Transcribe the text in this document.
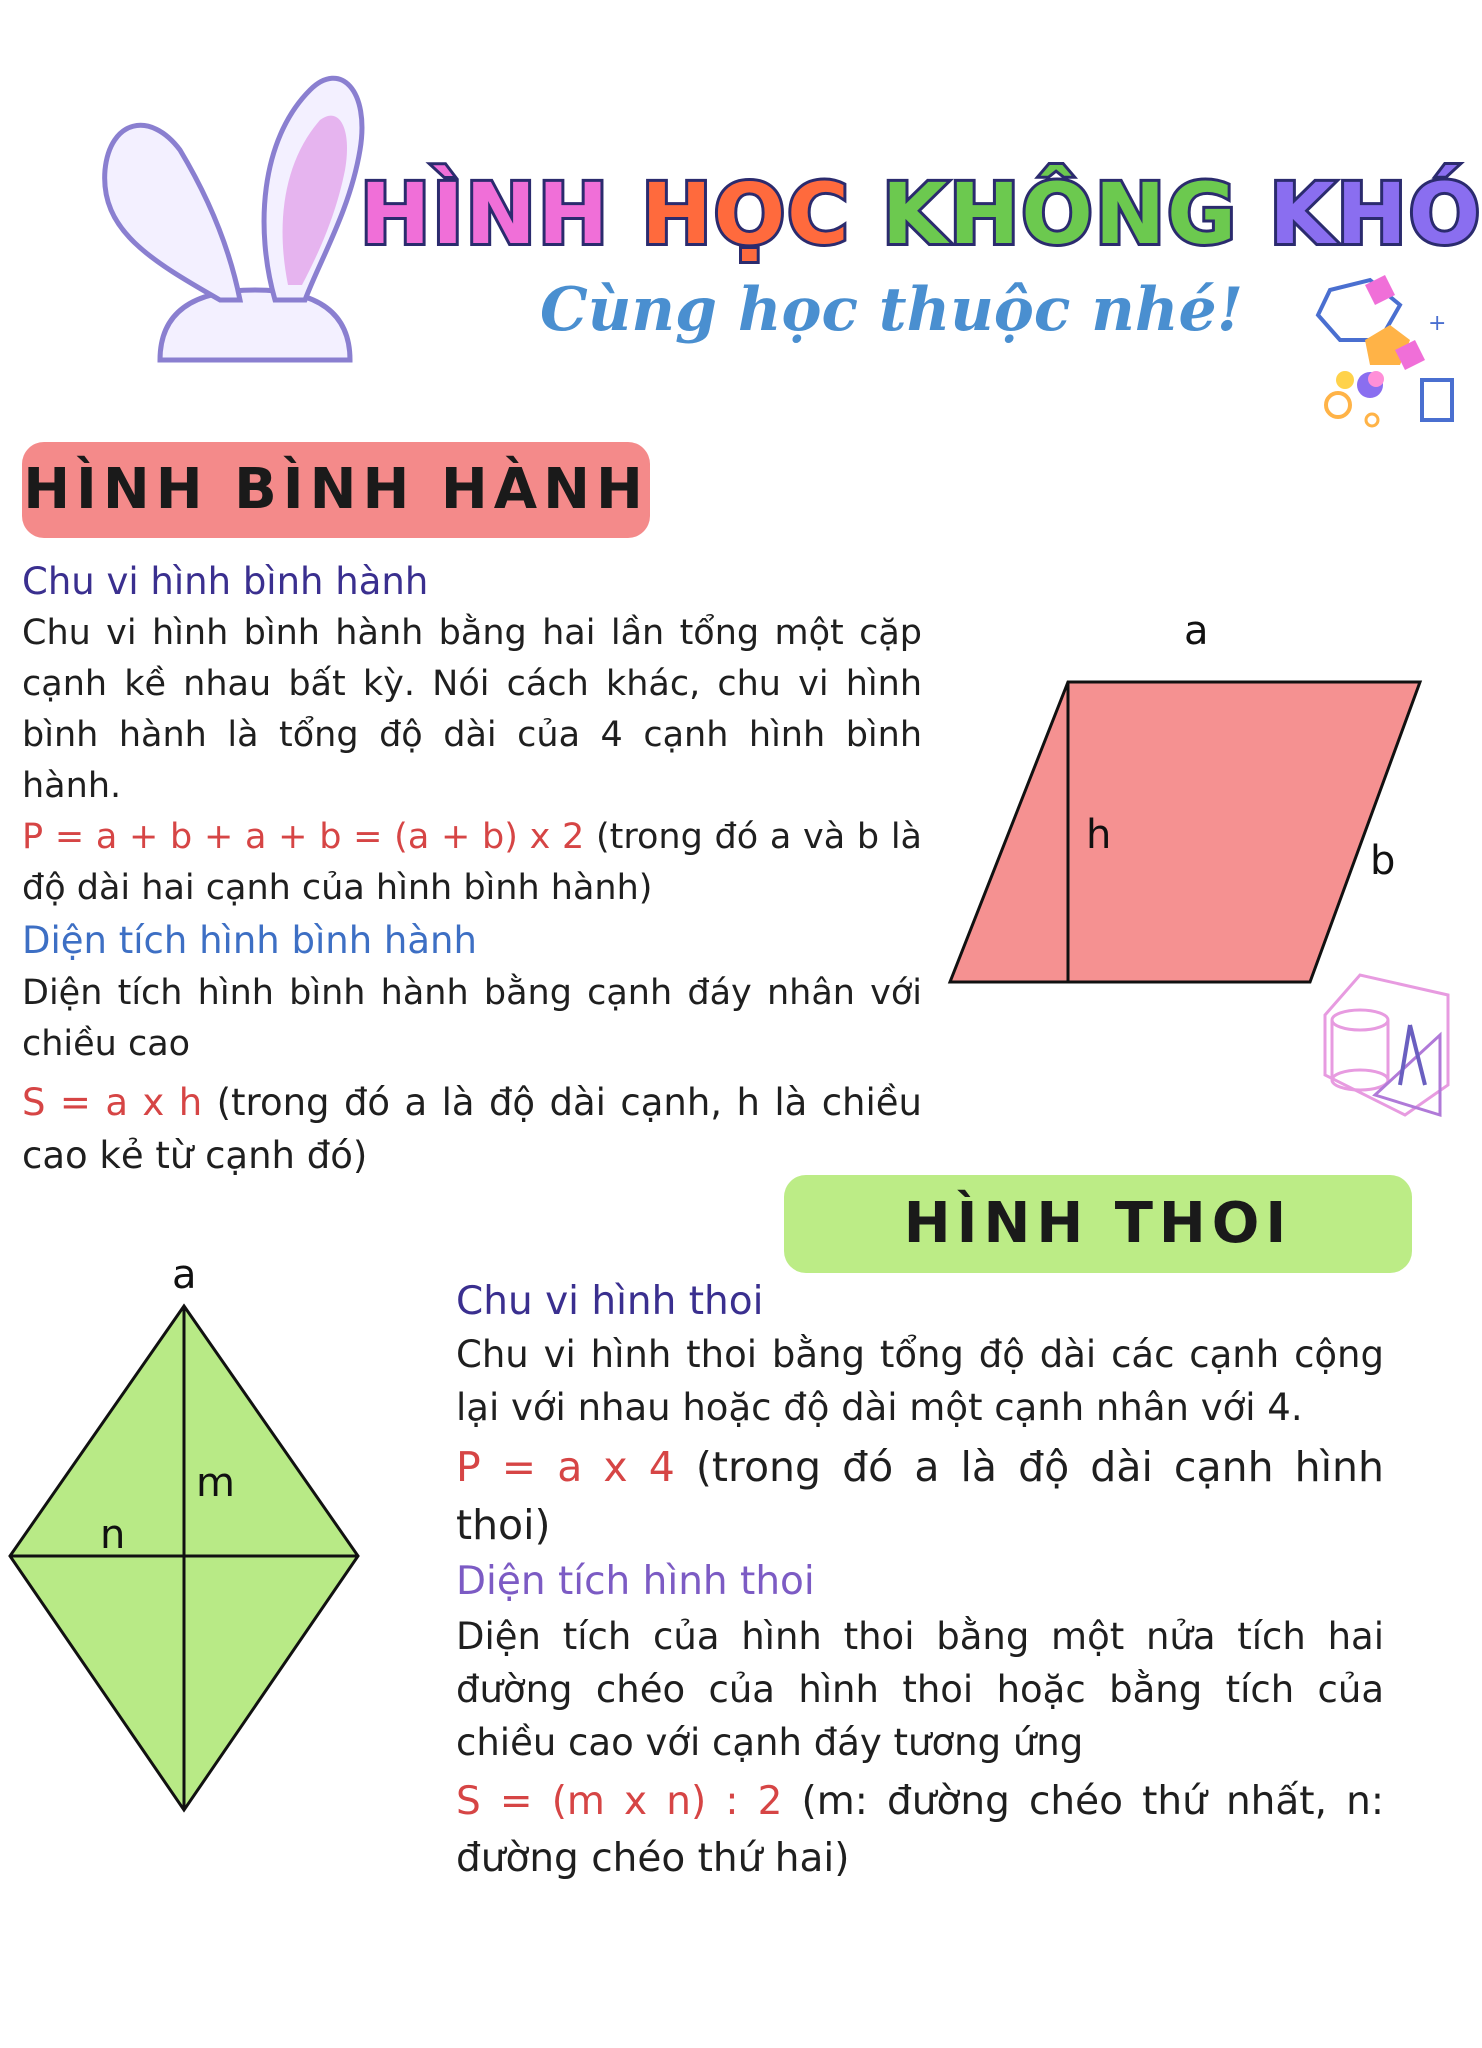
HÌNH HỌC KHÔNG KHÓ
Cùng học thuộc nhé!	+
HÌNH BÌNH HÀNH
Chu vi hình bình hành
Chu vi hình bình hành bằng hai lần tổng một cặp cạnh kề nhau bất kỳ. Nói cách khác, chu vi hình bình hành là tổng độ dài của 4 cạnh hình bình hành.
P = a + b + a + b = (a + b) x 2 (trong đó a và b là độ dài hai cạnh của hình bình hành)
Diện tích hình bình hành
Diện tích hình bình hành bằng cạnh đáy nhân với chiều cao
S = a x h (trong đó a là độ dài cạnh, h là chiều cao kẻ từ cạnh đó)
a
h
b
HÌNH THOI
a
m
n
Chu vi hình thoi
Chu vi hình thoi bằng tổng độ dài các cạnh cộng lại với nhau hoặc độ dài một cạnh nhân với 4.
P = a x 4 (trong đó a là độ dài cạnh hình thoi)
Diện tích hình thoi
Diện tích của hình thoi bằng một nửa tích hai đường chéo của hình thoi hoặc bằng tích của chiều cao với cạnh đáy tương ứng
S = (m x n) : 2 (m: đường chéo thứ nhất, n: đường chéo thứ hai)
